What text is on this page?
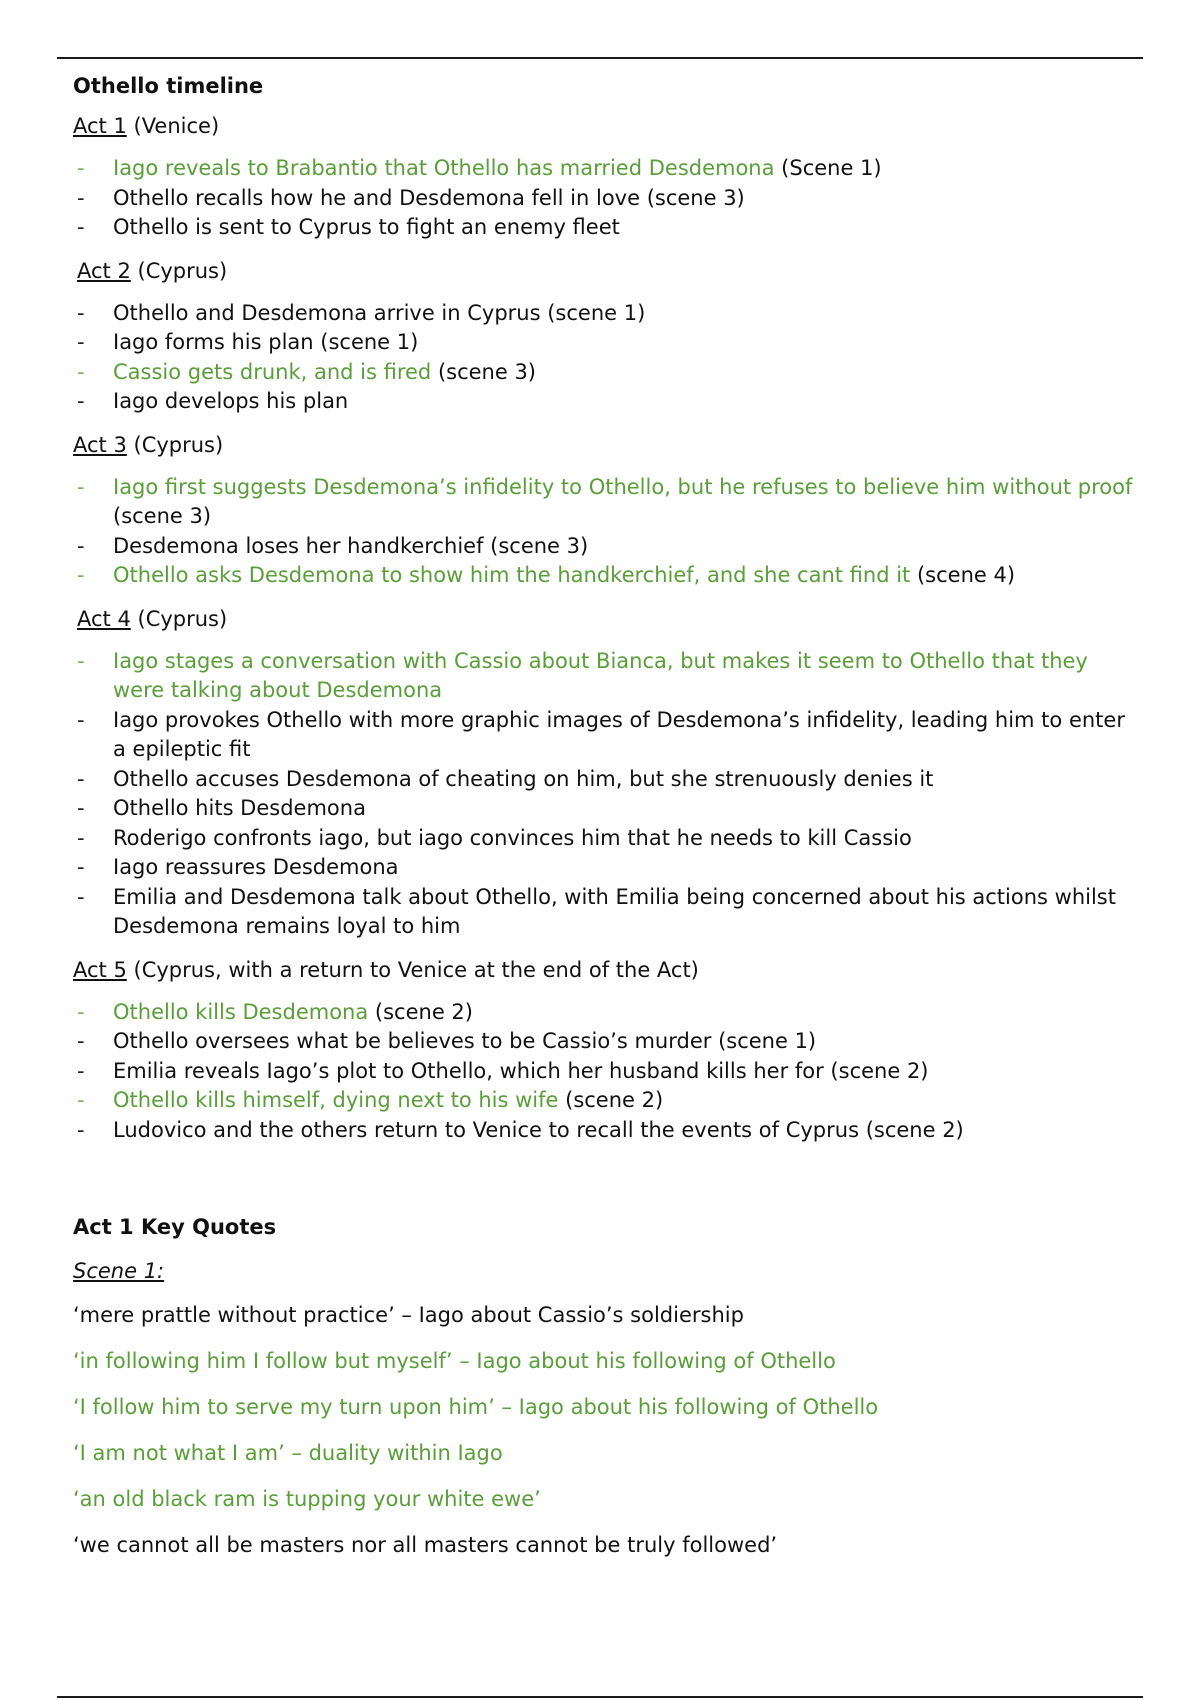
Othello timeline
Act 1 (Venice)
- Iago reveals to Brabantio that Othello has married Desdemona (Scene 1)
- Othello recalls how he and Desdemona fell in love (scene 3)
- Othello is sent to Cyprus to fight an enemy fleet
Act 2 (Cyprus)
- Othello and Desdemona arrive in Cyprus (scene 1)
- Iago forms his plan (scene 1)
- Cassio gets drunk, and is fired (scene 3)
- Iago develops his plan
Act 3 (Cyprus)
- Iago first suggests Desdemona’s infidelity to Othello, but he refuses to believe him without proof (scene 3)
- Desdemona loses her handkerchief (scene 3)
- Othello asks Desdemona to show him the handkerchief, and she cant find it (scene 4)
Act 4 (Cyprus)
- Iago stages a conversation with Cassio about Bianca, but makes it seem to Othello that they were talking about Desdemona
- Iago provokes Othello with more graphic images of Desdemona’s infidelity, leading him to enter a epileptic fit
- Othello accuses Desdemona of cheating on him, but she strenuously denies it
- Othello hits Desdemona
- Roderigo confronts iago, but iago convinces him that he needs to kill Cassio
- Iago reassures Desdemona
- Emilia and Desdemona talk about Othello, with Emilia being concerned about his actions whilst Desdemona remains loyal to him
Act 5 (Cyprus, with a return to Venice at the end of the Act)
- Othello kills Desdemona (scene 2)
- Othello oversees what be believes to be Cassio’s murder (scene 1)
- Emilia reveals Iago’s plot to Othello, which her husband kills her for (scene 2)
- Othello kills himself, dying next to his wife (scene 2)
- Ludovico and the others return to Venice to recall the events of Cyprus (scene 2)
Act 1 Key Quotes
Scene 1:
‘mere prattle without practice’ – Iago about Cassio’s soldiership
‘in following him I follow but myself’ – Iago about his following of Othello
‘I follow him to serve my turn upon him’ – Iago about his following of Othello
‘I am not what I am’ – duality within Iago
‘an old black ram is tupping your white ewe’
‘we cannot all be masters nor all masters cannot be truly followed’
